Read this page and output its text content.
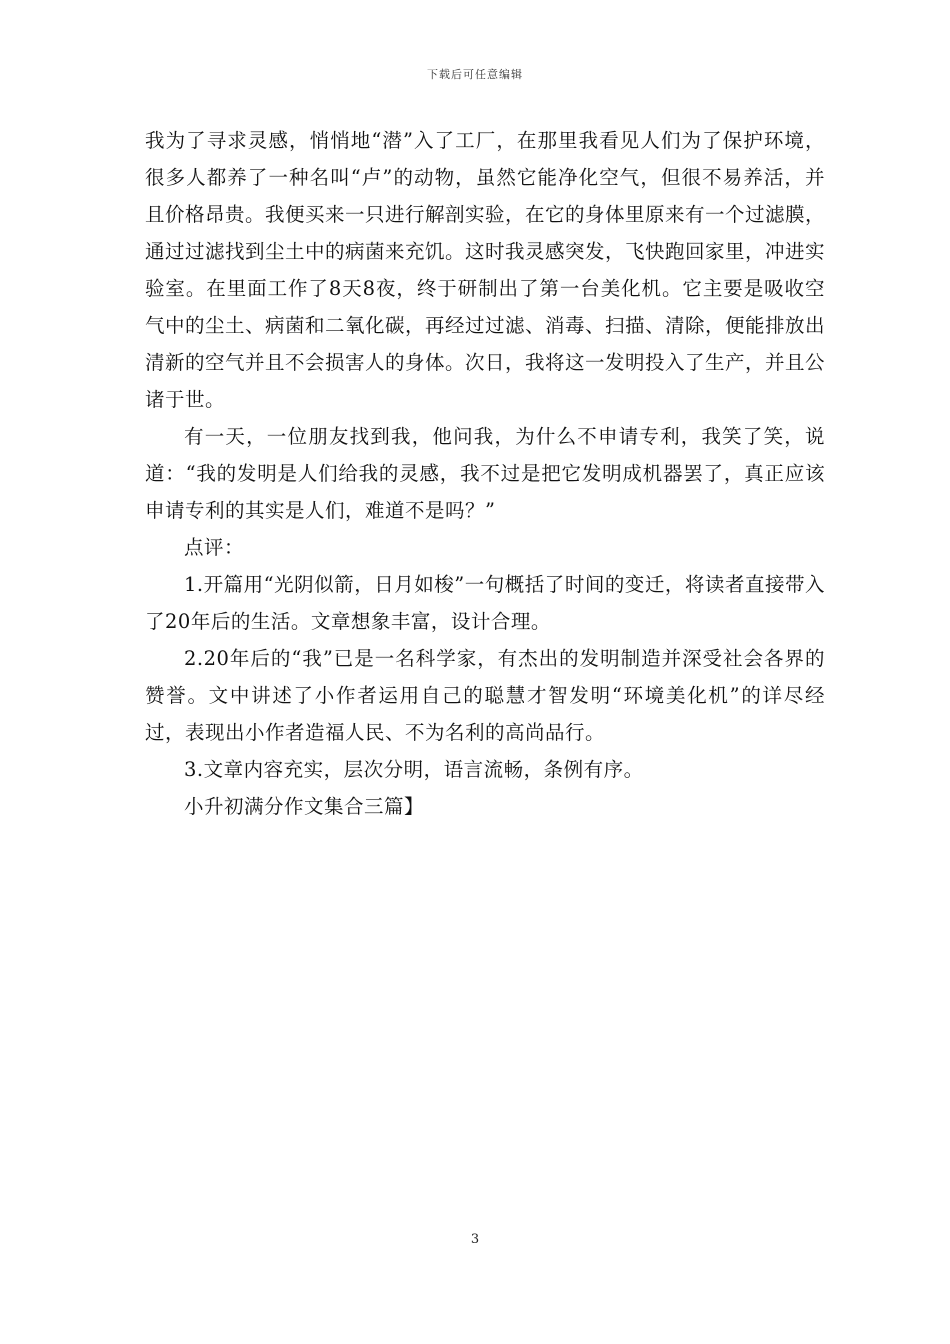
下载后可任意编辑

我为了寻求灵感，悄悄地“潜”入了工厂，在那里我看见人们为了保护环境，很多人都养了一种名叫“卢”的动物，虽然它能净化空气，但很不易养活，并且价格昂贵。我便买来一只进行解剖实验，在它的身体里原来有一个过滤膜，通过过滤找到尘土中的病菌来充饥。这时我灵感突发，飞快跑回家里，冲进实验室。在里面工作了8天8夜，终于研制出了第一台美化机。它主要是吸收空气中的尘土、病菌和二氧化碳，再经过过滤、消毒、扫描、清除，便能排放出清新的空气并且不会损害人的身体。次日，我将这一发明投入了生产，并且公诸于世。

有一天，一位朋友找到我，他问我，为什么不申请专利，我笑了笑，说道：“我的发明是人们给我的灵感，我不过是把它发明成机器罢了，真正应该申请专利的其实是人们，难道不是吗？”

点评：

1.开篇用“光阴似箭，日月如梭”一句概括了时间的变迁，将读者直接带入了20年后的生活。文章想象丰富，设计合理。

2.20年后的“我”已是一名科学家，有杰出的发明制造并深受社会各界的赞誉。文中讲述了小作者运用自己的聪慧才智发明“环境美化机”的详尽经过，表现出小作者造福人民、不为名利的高尚品行。

3.文章内容充实，层次分明，语言流畅，条例有序。

小升初满分作文集合三篇】

3
